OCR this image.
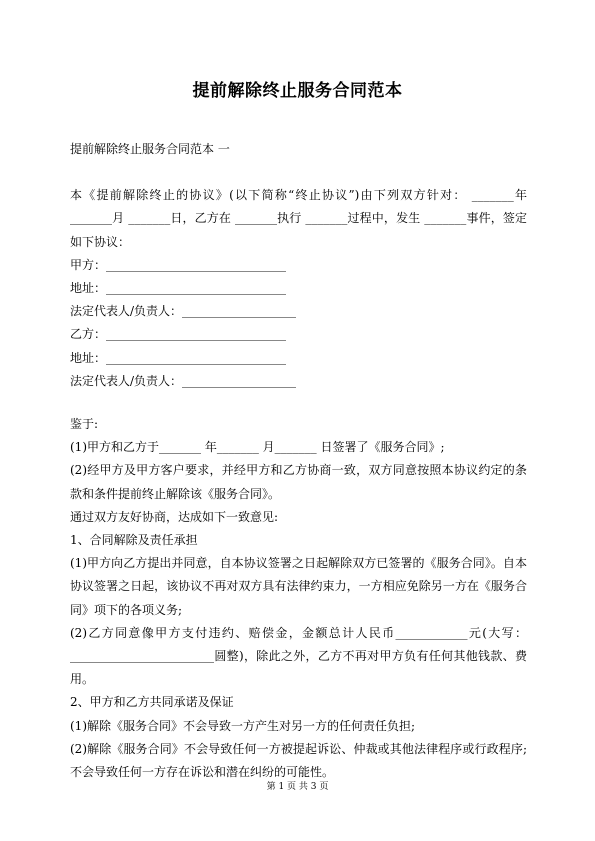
提前解除终止服务合同范本

提前解除终止服务合同范本 一

本《提前解除终止的协议》(以下简称“终止协议”)由下列双方针对： _______年_______月 _______日，乙方在 _______执行 _______过程中，发生 _______事件，签定如下协议：

甲方：______________________________

地址：______________________________

法定代表人/负责人：___________________

乙方：______________________________

地址：______________________________

法定代表人/负责人：___________________

鉴于:

(1)甲方和乙方于_______ 年_______ 月_______ 日签署了《服务合同》;

(2)经甲方及甲方客户要求，并经甲方和乙方协商一致，双方同意按照本协议约定的条款和条件提前终止解除该《服务合同》。

通过双方友好协商，达成如下一致意见:

1、合同解除及责任承担

(1)甲方向乙方提出并同意，自本协议签署之日起解除双方已签署的《服务合同》。自本协议签署之日起，该协议不再对双方具有法律约束力，一方相应免除另一方在《服务合同》项下的各项义务;

(2)乙方同意像甲方支付违约、赔偿金，金额总计人民币____________元(大写：________________________圆整)，除此之外，乙方不再对甲方负有任何其他钱款、费用。

2、甲方和乙方共同承诺及保证

(1)解除《服务合同》不会导致一方产生对另一方的任何责任负担;

(2)解除《服务合同》不会导致任何一方被提起诉讼、仲裁或其他法律程序或行政程序;不会导致任何一方存在诉讼和潜在纠纷的可能性。

第 1 页 共 3 页
